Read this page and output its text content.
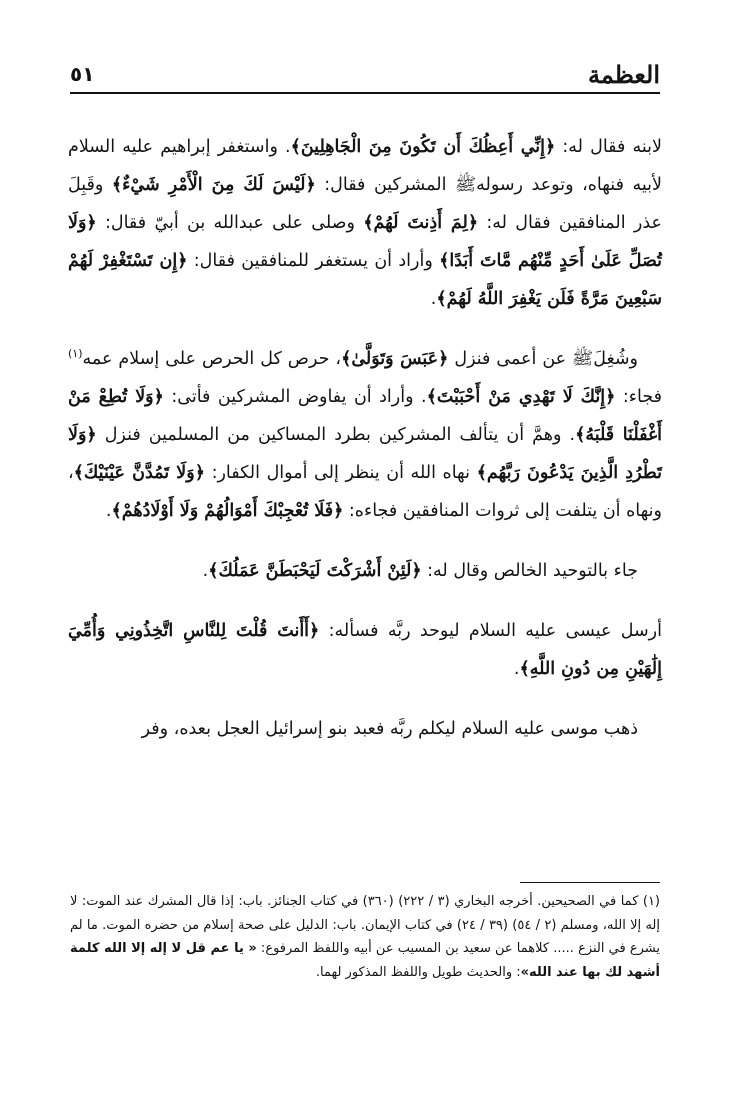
العظمة
٥١

لابنه فقال له: ﴿إِنِّي أَعِظُكَ أَن تَكُونَ مِنَ الْجَاهِلِينَ﴾. واستغفر إبراهيم عليه السلام لأبيه فنهاه، وتوعد رسولهﷺ المشركين فقال: ﴿لَيْسَ لَكَ مِنَ الْأَمْرِ شَيْءٌ﴾ وقَبِلَ عذر المنافقين فقال له: ﴿لِمَ أَذِنتَ لَهُمْ﴾ وصلى على عبدالله بن أبيّ فقال: ﴿وَلَا تُصَلِّ عَلَىٰ أَحَدٍ مِّنْهُم مَّاتَ أَبَدًا﴾ وأراد أن يستغفر للمنافقين فقال: ﴿إِن تَسْتَغْفِرْ لَهُمْ سَبْعِينَ مَرَّةً فَلَن يَغْفِرَ اللَّهُ لَهُمْ﴾.

وشُغِلَﷺ عن أعمى فنزل ﴿عَبَسَ وَتَوَلَّىٰ﴾، حرص كل الحرص على إسلام عمه$^{(١)}$ فجاء: ﴿إِنَّكَ لَا تَهْدِي مَنْ أَحْبَبْتَ﴾. وأراد أن يفاوض المشركين فأتى: ﴿وَلَا تُطِعْ مَنْ أَغْفَلْنَا قَلْبَهُ﴾. وهمَّ أن يتألف المشركين بطرد المساكين من المسلمين فنزل ﴿وَلَا تَطْرُدِ الَّذِينَ يَدْعُونَ رَبَّهُم﴾ نهاه الله أن ينظر إلى أموال الكفار: ﴿وَلَا تَمُدَّنَّ عَيْنَيْكَ﴾، ونهاه أن يتلفت إلى ثروات المنافقين فجاءه: ﴿فَلَا تُعْجِبْكَ أَمْوَالُهُمْ وَلَا أَوْلَادُهُمْ﴾.

جاء بالتوحيد الخالص وقال له: ﴿لَئِنْ أَشْرَكْتَ لَيَحْبَطَنَّ عَمَلُكَ﴾.

أرسل عيسى عليه السلام ليوحد ربَّه فسأله: ﴿أَأَنتَ قُلْتَ لِلنَّاسِ اتَّخِذُونِي وَأُمِّيَ إِلَٰهَيْنِ مِن دُونِ اللَّهِ﴾.

ذهب موسى عليه السلام ليكلم ربَّه فعبد بنو إسرائيل العجل بعده، وفر

(١) كما في الصحيحين. أخرجه البخاري (٣ / ٢٢٢) (٣٦٠) في كتاب الجنائز. باب: إذا قال المشرك عند الموت: لا إله إلا الله، ومسلم (٢ / ٥٤) (٣٩ / ٢٤) في كتاب الإيمان. باب: الدليل على صحة إسلام من حضره الموت. ما لم يشرع في النزع ..... كلاهما عن سعيد بن المسيب عن أبيه واللفظ المرفوع: « يا عم قل لا إله إلا الله كلمة أشهد لك بها عند الله»: والحديث طويل واللفظ المذكور لهما.
